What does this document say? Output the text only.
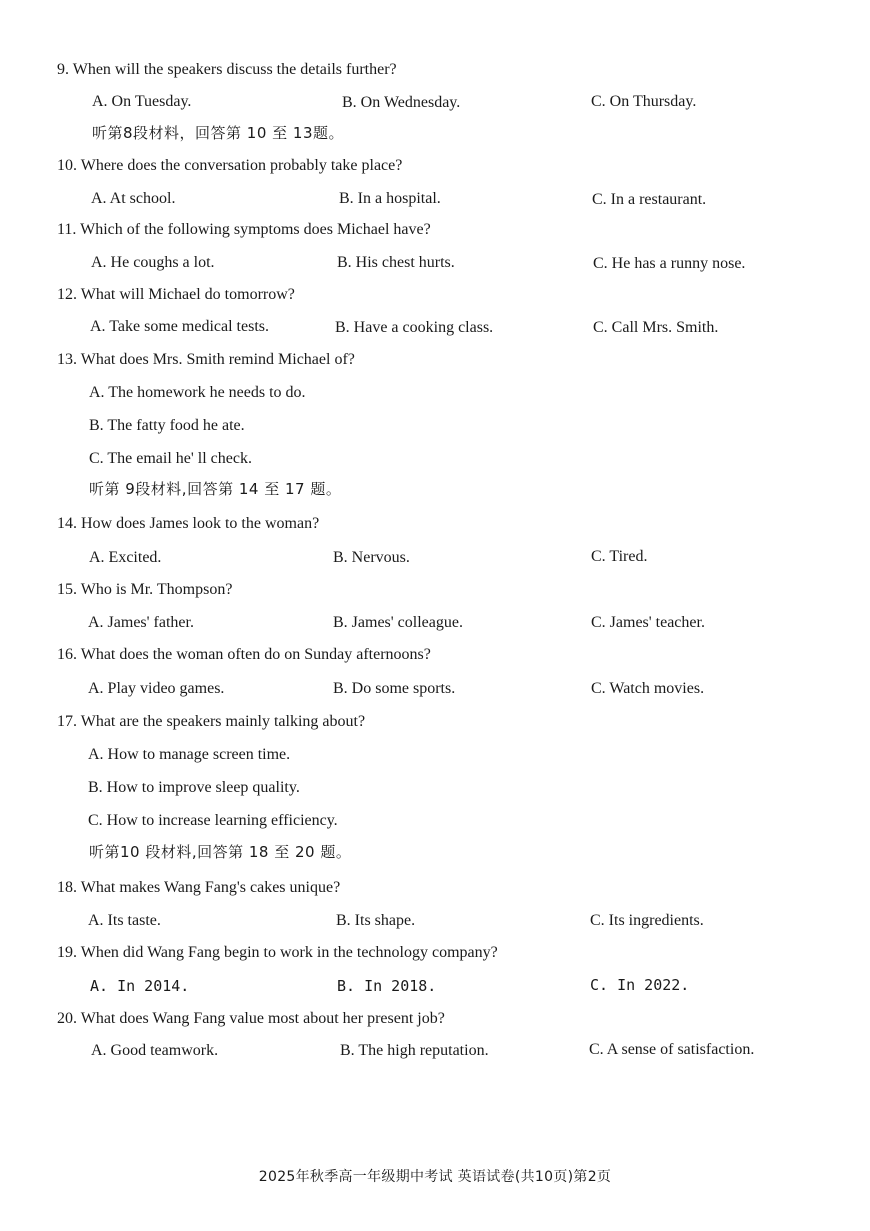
9. When will the speakers discuss the details further?
A. On Tuesday.	B. On Wednesday.	C. On Thursday.
听第8段材料，回答第 10 至 13题。
10. Where does the conversation probably take place?
A. At school.	B. In a hospital.	C. In a restaurant.
11. Which of the following symptoms does Michael have?
A. He coughs a lot.	B. His chest hurts.	C. He has a runny nose.
12. What will Michael do tomorrow?
A. Take some medical tests.	B. Have a cooking class.	C. Call Mrs. Smith.
13. What does Mrs. Smith remind Michael of?
A. The homework he needs to do.
B. The fatty food he ate.
C. The email he' ll check.
听第 9段材料,回答第 14 至 17 题。
14. How does James look to the woman?
A. Excited.	B. Nervous.	C. Tired.
15. Who is Mr. Thompson?
A. James' father.	B. James' colleague.	C. James' teacher.
16. What does the woman often do on Sunday afternoons?
A. Play video games.	B. Do some sports.	C. Watch movies.
17. What are the speakers mainly talking about?
A. How to manage screen time.
B. How to improve sleep quality.
C. How to increase learning efficiency.
听第10 段材料,回答第 18 至 20 题。
18. What makes Wang Fang's cakes unique?
A. Its taste.	B. Its shape.	C. Its ingredients.
19. When did Wang Fang begin to work in the technology company?
A. In 2014.	B. In 2018.	C. In 2022.
20. What does Wang Fang value most about her present job?
A. Good teamwork.	B. The high reputation.	C. A sense of satisfaction.
2025年秋季高一年级期中考试 英语试卷(共10页)第2页
